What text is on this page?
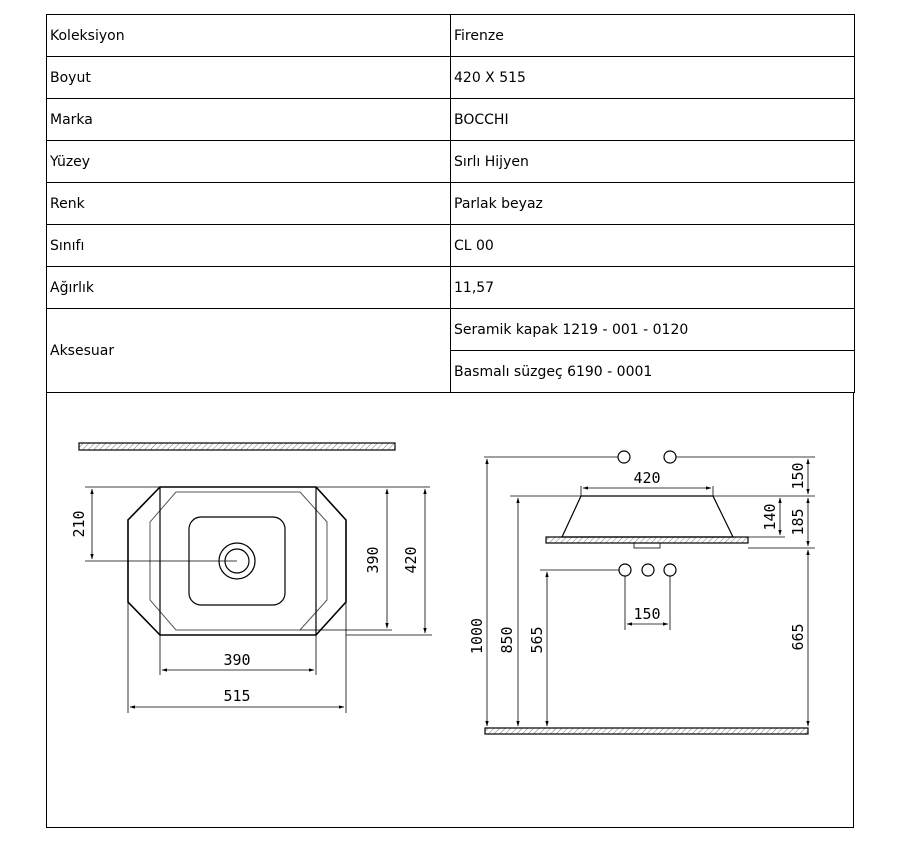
Koleksiyon	Firenze
Boyut	420 X 515
Marka	BOCCHI
Yüzey	Sırlı Hijyen
Renk	Parlak beyaz
Sınıfı	CL 00
Ağırlık	11,57
Aksesuar	Seramik kapak 1219 - 001 - 0120
	Basmalı süzgeç 6190 - 0001
210
390 420
390
515
420	150
140 185
150
1000 850 565	665
